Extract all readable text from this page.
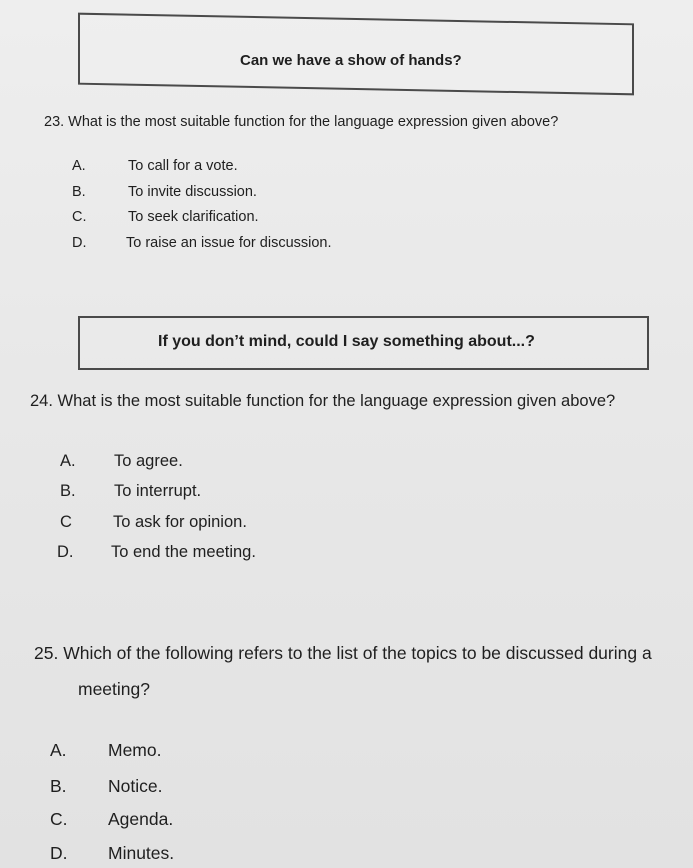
Can we have a show of hands?
23. What is the most suitable function for the language expression given above?
A.	To call for a vote.
B.	To invite discussion.
C.	To seek clarification.
D.	To raise an issue for discussion.
If you don’t mind, could I say something about...?
24. What is the most suitable function for the language expression given above?
A. To agree.
B. To interrupt.
C To ask for opinion.
D. To end the meeting.
25. Which of the following refers to the list of the topics to be discussed during a
meeting?
A. Memo.
B. Notice.
C. Agenda.
D. Minutes.
